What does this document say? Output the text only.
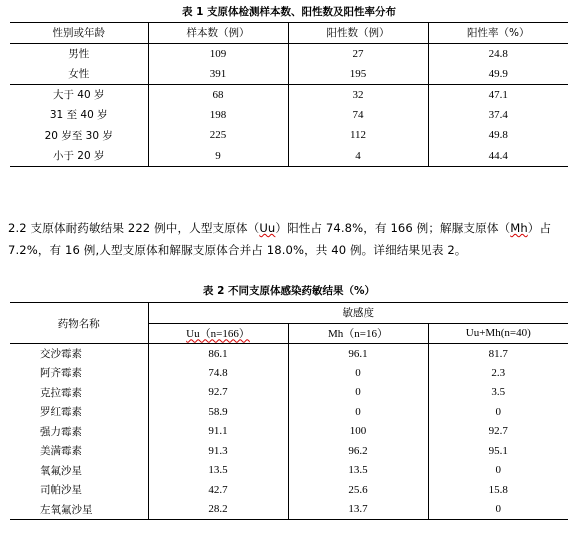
表 1 支原体检测样本数、阳性数及阳性率分布
性别或年龄	样本数（例）	阳性数（例）	阳性率（%）
男性	109	27	24.8
女性	391	195	49.9
大于 40 岁	68	32	47.1
31 至 40 岁	198	74	37.4
20 岁至 30 岁	225	112	49.8
小于 20 岁	9	4	44.4
2.2 支原体耐药敏结果 222 例中，人型支原体（Uu）阳性占 74.8%，有 166 例；解脲支原体（Mh）占 7.2%，有 16 例,人型支原体和解脲支原体合并占 18.0%，共 40 例。详细结果见表 2。
表 2 不同支原体感染药敏结果（%）
药物名称	敏感度		
	Uu（n=166）	Mh（n=16）	Uu+Mh(n=40)
交沙霉素	86.1	96.1	81.7
阿齐霉素	74.8	0	2.3
克拉霉素	92.7	0	3.5
罗红霉素	58.9	0	0
强力霉素	91.1	100	92.7
美满霉素	91.3	96.2	95.1
氧氟沙星	13.5	13.5	0
司帕沙星	42.7	25.6	15.8
左氧氟沙星	28.2	13.7	0
